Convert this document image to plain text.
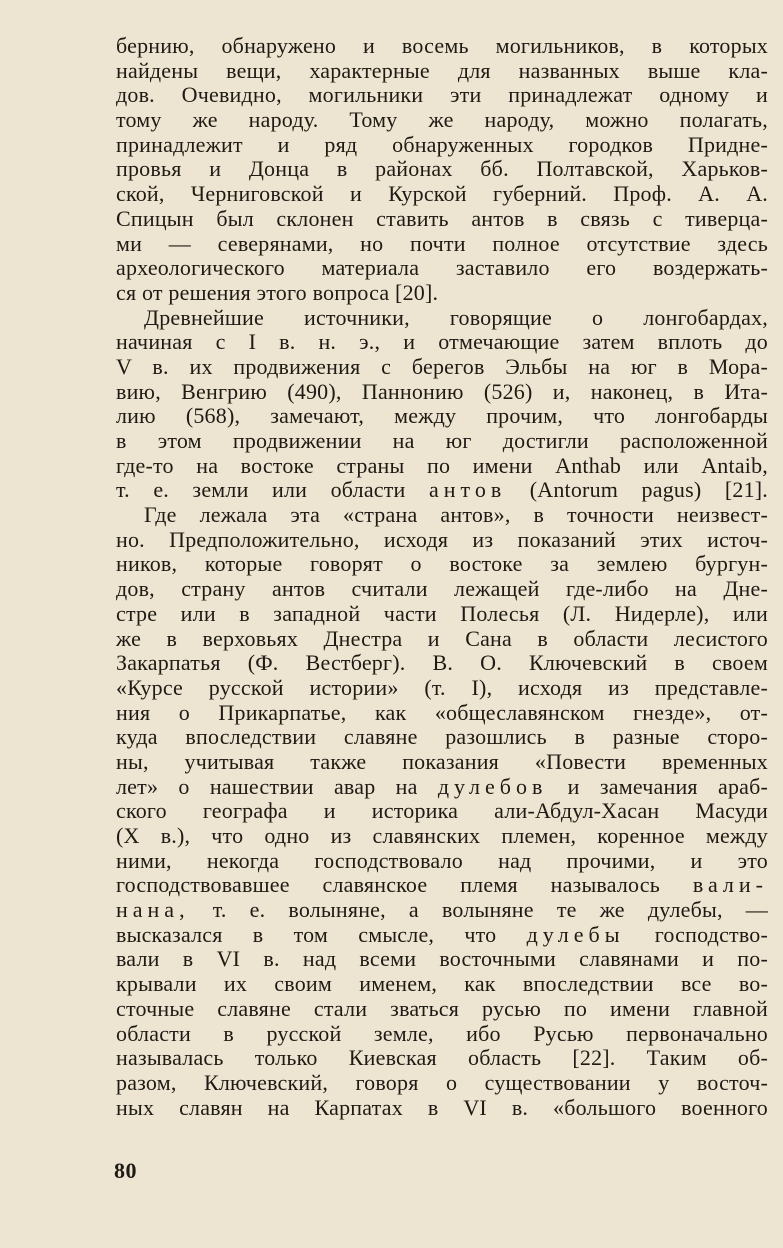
бернию, обнаружено и восемь могильников, в которых
найдены вещи, характерные для названных выше кла-
дов. Очевидно, могильники эти принадлежат одному и
тому же народу. Тому же народу, можно полагать,
принадлежит и ряд обнаруженных городков Придне-
провья и Донца в районах бб. Полтавской, Харьков-
ской, Черниговской и Курской губерний. Проф. А. А.
Спицын был склонен ставить антов в связь с тиверца-
ми — северянами, но почти полное отсутствие здесь
археологического материала заставило его воздержать-
ся от решения этого вопроса [20].
Древнейшие источники, говорящие о лонгобардах,
начиная с I в. н. э., и отмечающие затем вплоть до
V в. их продвижения с берегов Эльбы на юг в Мора-
вию, Венгрию (490), Паннонию (526) и, наконец, в Ита-
лию (568), замечают, между прочим, что лонгобарды
в этом продвижении на юг достигли расположенной
где-то на востоке страны по имени Anthab или Antaib,
т. е. земли или области антов (Antorum pagus) [21].
Где лежала эта «страна антов», в точности неизвест-
но. Предположительно, исходя из показаний этих источ-
ников, которые говорят о востоке за землею бургун-
дов, страну антов считали лежащей где-либо на Дне-
стре или в западной части Полесья (Л. Нидерле), или
же в верховьях Днестра и Сана в области лесистого
Закарпатья (Ф. Вестберг). В. О. Ключевский в своем
«Курсе русской истории» (т. I), исходя из представле-
ния о Прикарпатье, как «общеславянском гнезде», от-
куда впоследствии славяне разошлись в разные сторо-
ны, учитывая также показания «Повести временных
лет» о нашествии авар на дулебов и замечания араб-
ского географа и историка али-Абдул-Хасан Масуди
(X в.), что одно из славянских племен, коренное между
ними, некогда господствовало над прочими, и это
господствовавшее славянское племя называлось вали-
нана, т. е. волыняне, а волыняне те же дулебы, —
высказался в том смысле, что дулебы господство-
вали в VI в. над всеми восточными славянами и по-
крывали их своим именем, как впоследствии все во-
сточные славяне стали зваться русью по имени главной
области в русской земле, ибо Русью первоначально
называлась только Киевская область [22]. Таким об-
разом, Ключевский, говоря о существовании у восточ-
ных славян на Карпатах в VI в. «большого военного
80
